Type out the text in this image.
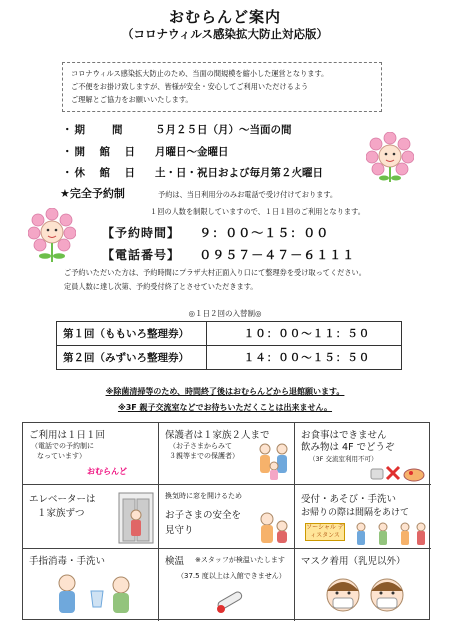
おむらんど案内
（コロナウィルス感染拡大防止対応版）
コロナウィルス感染拡大防止のため、当面の間規模を縮小した運営となります。
ご不便をお掛け致しますが、皆様が安全・安心してご利用いただけるよう
ご理解とご協力をお願いいたします。
・期　　間	５月２５日（月）～当面の間
・開　館　日	月曜日～金曜日
・休　館　日	土・日・祝日および毎月第２火曜日
★完全予約制	予約は、当日利用分のみお電話で受け付けております。
１回の人数を制限していますので、１日１回のご利用となります。
【予約時間】 ９：００～１５：００
【電話番号】 ０９５７－４７－６１１１
ご予約いただいた方は、予約時間にプラザ大村正面入り口にて整理券を受け取ってください。
定員人数に達し次第、予約受付終了とさせていただきます。
◎１日２回の入替制◎
第１回（ももいろ整理券）	１０：００～１１：５０
第２回（みずいろ整理券）	１４：００～１５：５０
※除菌清掃等のため、時間終了後はおむらんどから退館願います。
※3F 親子交流室などでお待ちいただくことは出来ません。
ご利用は１日１回
（電話での予約制に
なっています）
おむらんど
保護者は１家族２人まで
（お子さまからみて
３親等までの保護者）
お食事はできません
飲み物は 4F でどうぞ
（3F 交流室利用不可）
エレベーターは
１家族ずつ
換気時に窓を開けるため
お子さまの安全を
見守り
受付・あそび・手洗い
お帰りの際は間隔をあけて
ソーシャル ディスタンス
手指消毒・手洗い	検温 ※スタッフが検温いたします
（37.5 度以上は入館できません）
マスク着用（乳児以外）
